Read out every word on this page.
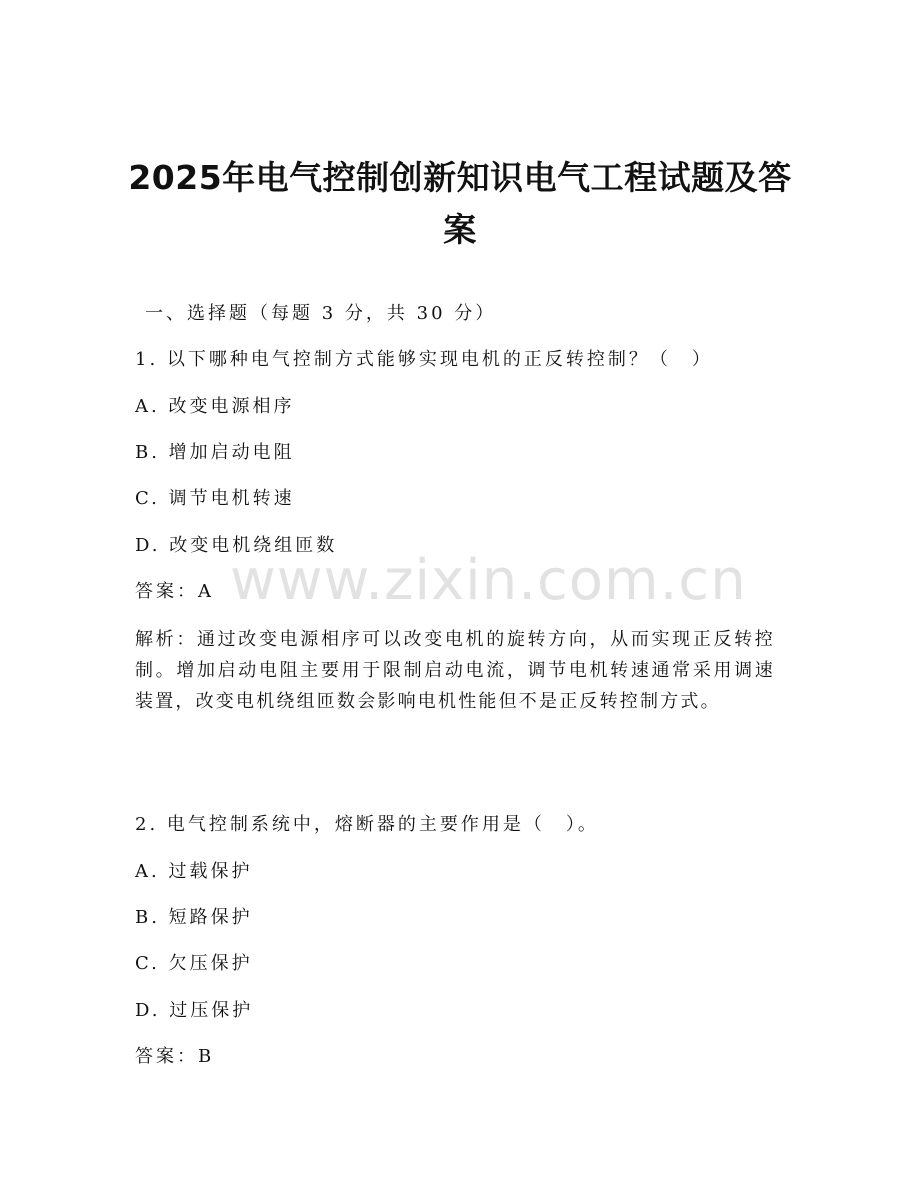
2025年电气控制创新知识电气工程试题及答案
一、选择题（每题 3 分，共 30 分）
1. 以下哪种电气控制方式能够实现电机的正反转控制？（　）
A. 改变电源相序
B. 增加启动电阻
C. 调节电机转速
D. 改变电机绕组匝数
答案：A
解析：通过改变电源相序可以改变电机的旋转方向，从而实现正反转控制。增加启动电阻主要用于限制启动电流，调节电机转速通常采用调速装置，改变电机绕组匝数会影响电机性能但不是正反转控制方式。
2. 电气控制系统中，熔断器的主要作用是（　）。
A. 过载保护
B. 短路保护
C. 欠压保护
D. 过压保护
答案：B
www.zixin.com.cn
